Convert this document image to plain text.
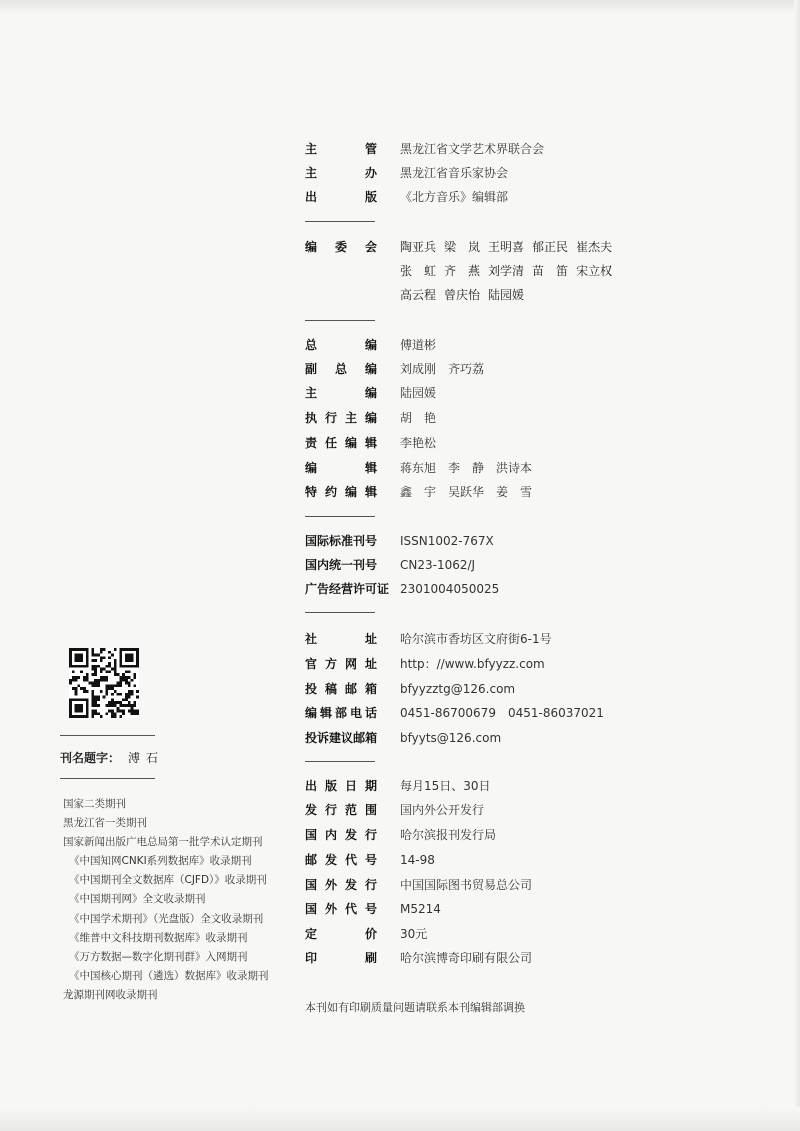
主	管 黑龙江省文学艺术界联合会
主	办 黑龙江省音乐家协会
出	版 《北方音乐》编辑部
编 委 会 陶亚兵 梁　岚 王明喜 郁正民 崔杰夫
张　虹 齐　燕 刘学清 苗　笛 宋立权
高云程 曾庆怡 陆园媛
总	编 傅道彬
副 总 编 刘成刚　齐巧荔
主	编 陆园媛
执 行 主 编 胡　艳
责 任 编 辑 李艳松
编	辑 蒋东旭　李　静　洪诗本
特 约 编 辑 鑫　宇　吴跃华　姜　雪
国际标准刊号	ISSN1002-767X
国内统一刊号	CN23-1062/J
广告经营许可证 2301004050025
社	址 哈尔滨市香坊区文府街6-1号
官 方 网 址 http：//www.bfyyzz.com
投 稿 邮 箱 bfyyzztg@126.com
编 辑 部 电 话 0451-86700679　0451-86037021
投 诉 建 议 邮 箱 bfyyts@126.com
出 版 日 期 每月15日、30日
发 行 范 围 国内外公开发行
国 内 发 行 哈尔滨报刊发行局
邮 发 代 号 14-98
国 外 发 行 中国国际图书贸易总公司
国 外 代 号 M5214
定	价 30元
印	刷 哈尔滨博奇印刷有限公司
刊名题字： 溥石
国家二类期刊
黑龙江省一类期刊
国家新闻出版广电总局第一批学术认定期刊
《中国知网CNKI系列数据库》收录期刊
《中国期刊全文数据库（CJFD）》收录期刊
《中国期刊网》全文收录期刊
《中国学术期刊》（光盘版）全文收录期刊
《维普中文科技期刊数据库》收录期刊
《万方数据—数字化期刊群》入网期刊
《中国核心期刊（遴选）数据库》收录期刊
龙源期刊网收录期刊
本刊如有印刷质量问题请联系本刊编辑部调换
